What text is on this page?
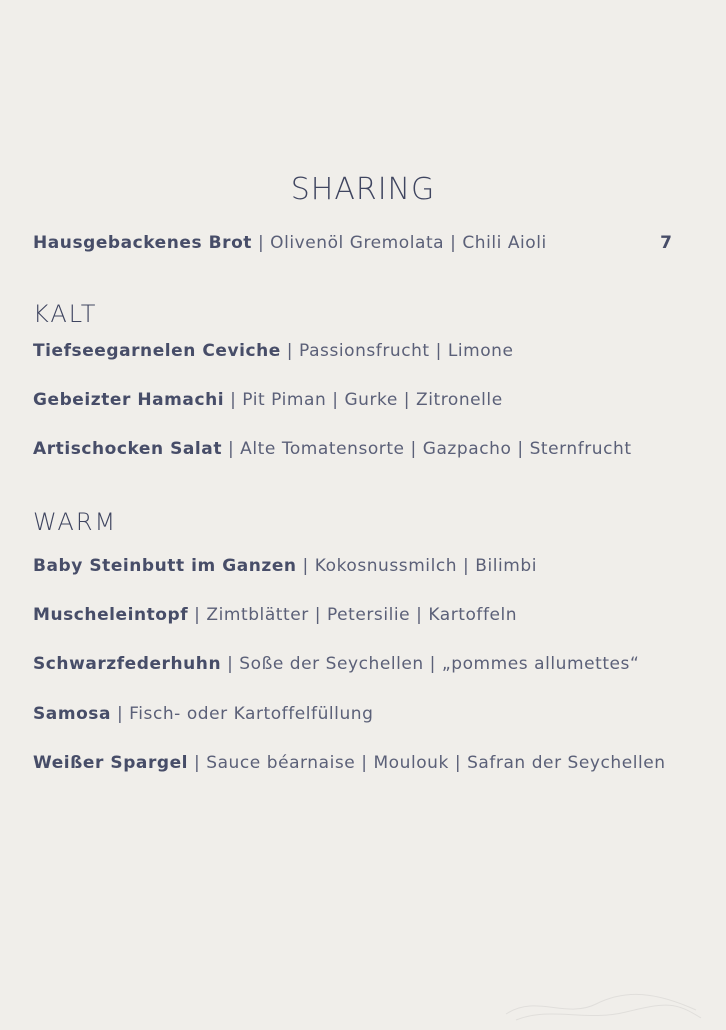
SHARING

Hausgebackenes Brot | Olivenöl Gremolata | Chili Aioli	7
KALT

Tiefseegarnelen Ceviche | Passionsfrucht | Limone

Gebeizter Hamachi | Pit Piman | Gurke | Zitronelle

Artischocken Salat | Alte Tomatensorte | Gazpacho | Sternfrucht

WARM

Baby Steinbutt im Ganzen | Kokosnussmilch | Bilimbi

Muscheleintopf | Zimtblätter | Petersilie | Kartoffeln

Schwarzfederhuhn | Soße der Seychellen | „pommes allumettes“

Samosa | Fisch- oder Kartoffelfüllung

Weißer Spargel | Sauce béarnaise | Moulouk | Safran der Seychellen
